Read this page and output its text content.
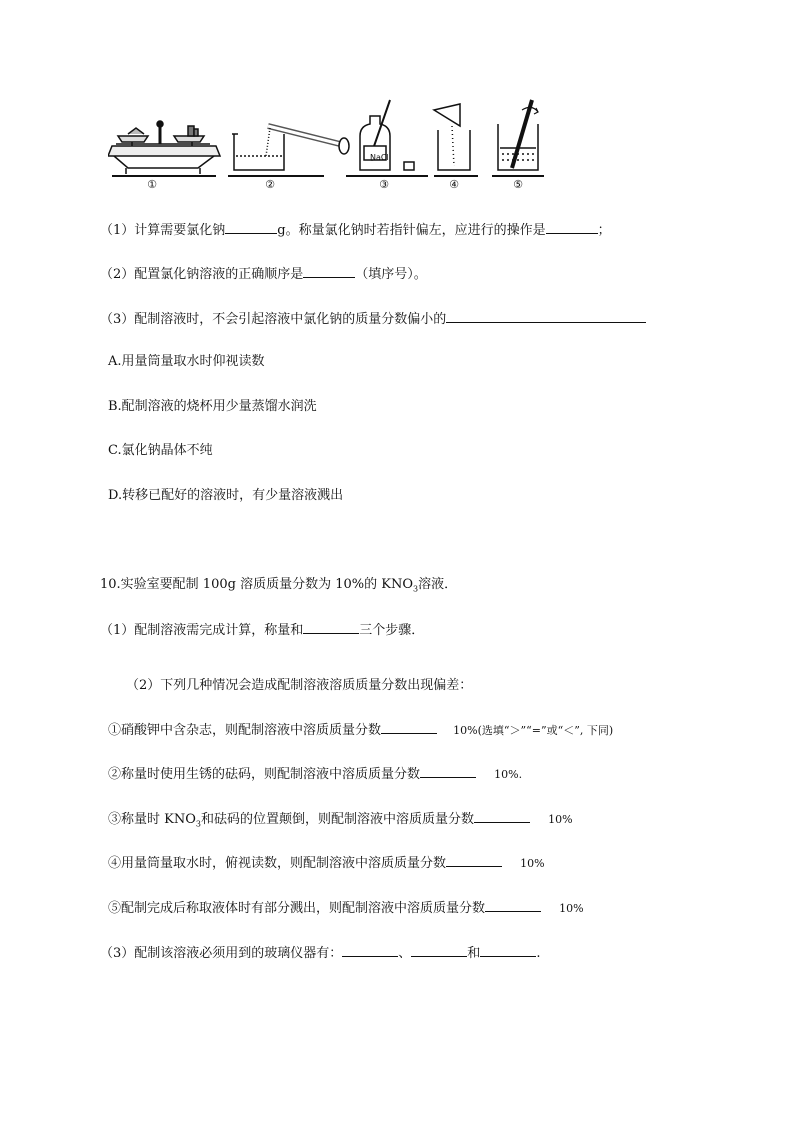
NaCl
①	②	③	④	⑤
（1）计算需要氯化钠	g。称量氯化钠时若指针偏左，应进行的操作是	；
（2）配置氯化钠溶液的正确顺序是	（填序号）。
（3）配制溶液时，不会引起溶液中氯化钠的质量分数偏小的
A.用量筒量取水时仰视读数
B.配制溶液的烧杯用少量蒸馏水润洗
C.氯化钠晶体不纯
D.转移已配好的溶液时，有少量溶液溅出
10.实验室要配制 100g 溶质质量分数为 10%的 $KNO_3$溶液．
（1）配制溶液需完成计算，称量和	三个步骤．
（2）下列几种情况会造成配制溶液溶质质量分数出现偏差：
①硝酸钾中含杂志，则配制溶液中溶质质量分数	10%(选填“＞”“=”或“＜”, 下同)
②称量时使用生锈的砝码，则配制溶液中溶质质量分数	10%.
③称量时 $KNO_3$和砝码的位置颠倒，则配制溶液中溶质质量分数	10%
④用量筒量取水时，俯视读数，则配制溶液中溶质质量分数	10%
⑤配制完成后称取液体时有部分溅出，则配制溶液中溶质质量分数	10%
（3）配制该溶液必须用到的玻璃仪器有：	、	和	.
